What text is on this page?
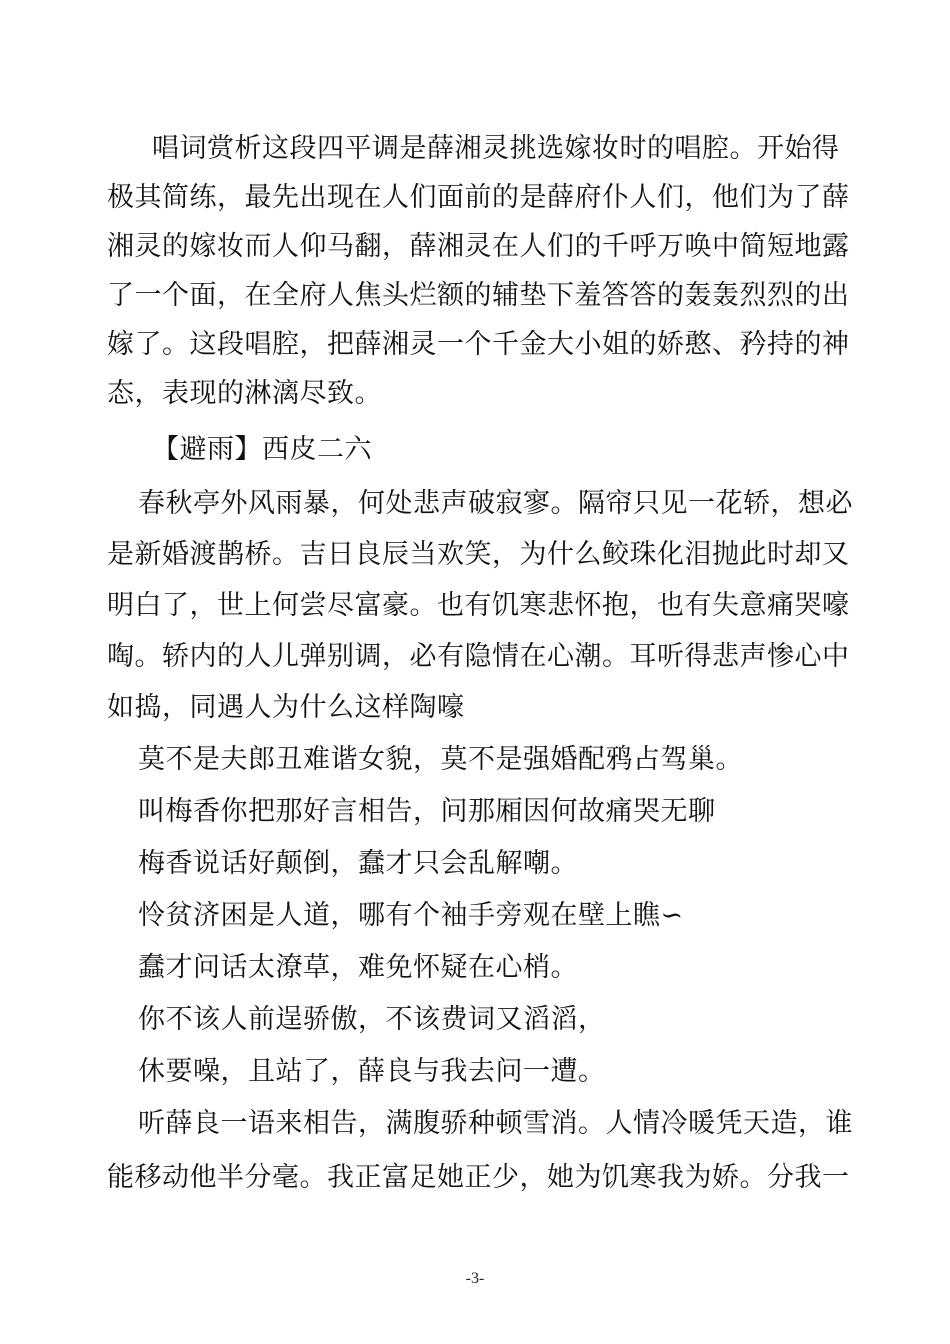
唱词赏析这段四平调是薛湘灵挑选嫁妆时的唱腔。开始得
极其简练，最先出现在人们面前的是薛府仆人们，他们为了薛
湘灵的嫁妆而人仰马翻，薛湘灵在人们的千呼万唤中简短地露
了一个面，在全府人焦头烂额的辅垫下羞答答的轰轰烈烈的出
嫁了。这段唱腔，把薛湘灵一个千金大小姐的娇憨、矜持的神
态，表现的淋漓尽致。
【避雨】西皮二六
春秋亭外风雨暴，何处悲声破寂寥。隔帘只见一花轿，想必
是新婚渡鹊桥。吉日良辰当欢笑，为什么鲛珠化泪抛此时却又
明白了，世上何尝尽富豪。也有饥寒悲怀抱，也有失意痛哭嚎
啕。轿内的人儿弹别调，必有隐情在心潮。耳听得悲声惨心中
如捣，同遇人为什么这样陶嚎
莫不是夫郎丑难谐女貌，莫不是强婚配鸦占驾巢。
叫梅香你把那好言相告，问那厢因何故痛哭无聊
梅香说话好颠倒，蠢才只会乱解嘲。
怜贫济困是人道，哪有个袖手旁观在壁上瞧∽
蠢才问话太潦草，难免怀疑在心梢。
你不该人前逞骄傲，不该费词又滔滔，
休要噪，且站了，薛良与我去问一遭。
听薛良一语来相告，满腹骄种顿雪消。人情冷暖凭天造，谁
能移动他半分毫。我正富足她正少，她为饥寒我为娇。分我一
-3-
